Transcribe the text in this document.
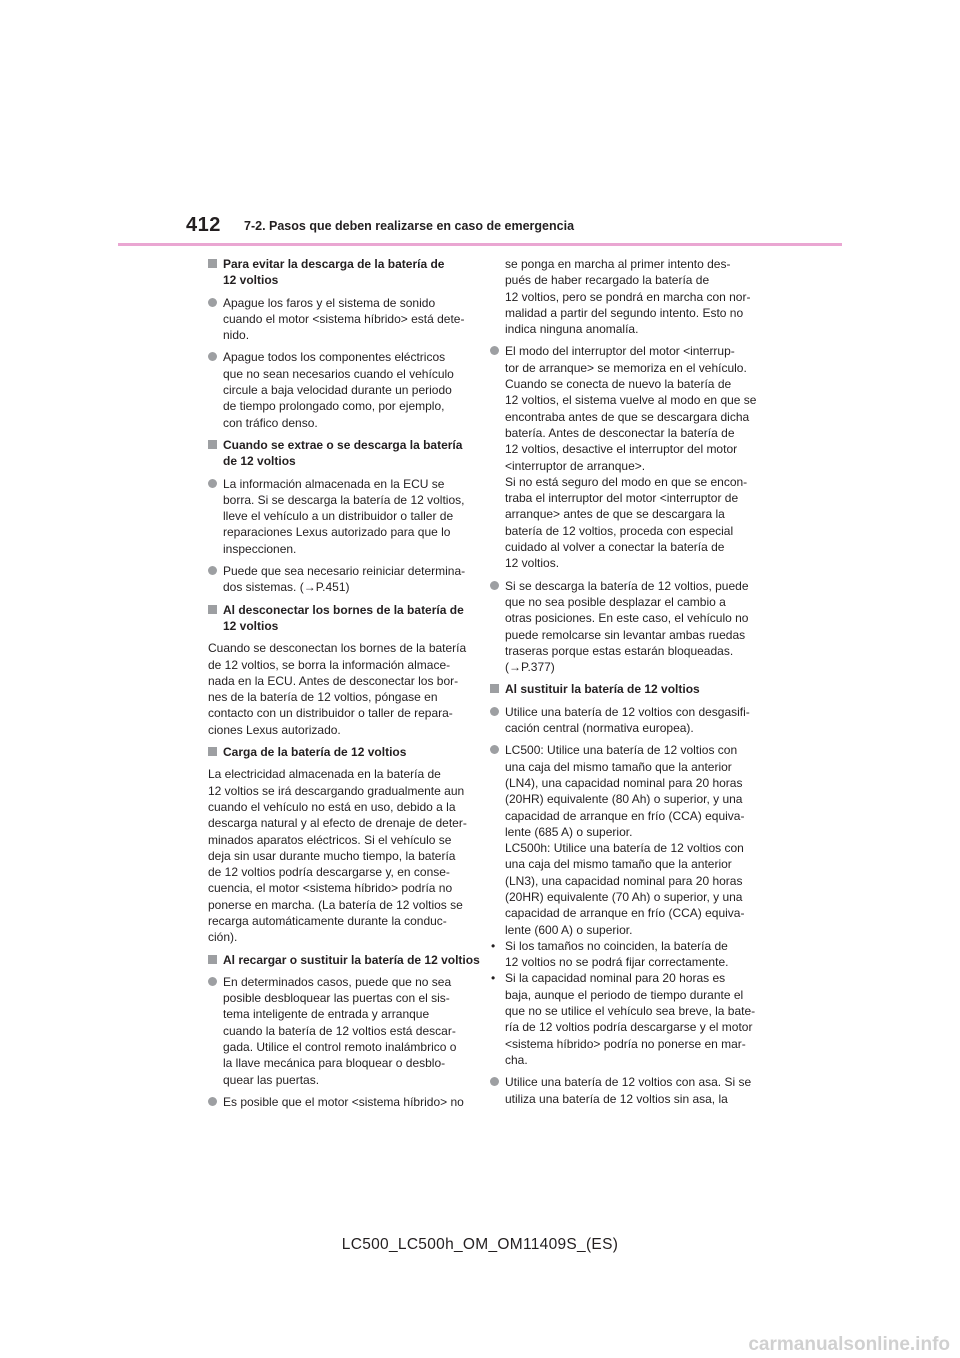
412 7-2. Pasos que deben realizarse en caso de emergencia
Para evitar la descarga de la batería de
12 voltios
Apague los faros y el sistema de sonido
cuando el motor <sistema híbrido> está dete-
nido.
Apague todos los componentes eléctricos
que no sean necesarios cuando el vehículo
circule a baja velocidad durante un periodo
de tiempo prolongado como, por ejemplo,
con tráfico denso.
Cuando se extrae o se descarga la batería
de 12 voltios
La información almacenada en la ECU se
borra. Si se descarga la batería de 12 voltios,
lleve el vehículo a un distribuidor o taller de
reparaciones Lexus autorizado para que lo
inspeccionen.
Puede que sea necesario reiniciar determina-
dos sistemas. (→P.451)
Al desconectar los bornes de la batería de
12 voltios
Cuando se desconectan los bornes de la batería
de 12 voltios, se borra la información almace-
nada en la ECU. Antes de desconectar los bor-
nes de la batería de 12 voltios, póngase en
contacto con un distribuidor o taller de repara-
ciones Lexus autorizado.
Carga de la batería de 12 voltios
La electricidad almacenada en la batería de
12 voltios se irá descargando gradualmente aun
cuando el vehículo no está en uso, debido a la
descarga natural y al efecto de drenaje de deter-
minados aparatos eléctricos. Si el vehículo se
deja sin usar durante mucho tiempo, la batería
de 12 voltios podría descargarse y, en conse-
cuencia, el motor <sistema híbrido> podría no
ponerse en marcha. (La batería de 12 voltios se
recarga automáticamente durante la conduc-
ción).
Al recargar o sustituir la batería de 12 voltios
En determinados casos, puede que no sea
posible desbloquear las puertas con el sis-
tema inteligente de entrada y arranque
cuando la batería de 12 voltios está descar-
gada. Utilice el control remoto inalámbrico o
la llave mecánica para bloquear o desblo-
quear las puertas.
Es posible que el motor <sistema híbrido> no
se ponga en marcha al primer intento des-
pués de haber recargado la batería de
12 voltios, pero se pondrá en marcha con nor-
malidad a partir del segundo intento. Esto no
indica ninguna anomalía.
El modo del interruptor del motor <interrup-
tor de arranque> se memoriza en el vehículo.
Cuando se conecta de nuevo la batería de
12 voltios, el sistema vuelve al modo en que se
encontraba antes de que se descargara dicha
batería. Antes de desconectar la batería de
12 voltios, desactive el interruptor del motor
<interruptor de arranque>.
Si no está seguro del modo en que se encon-
traba el interruptor del motor <interruptor de
arranque> antes de que se descargara la
batería de 12 voltios, proceda con especial
cuidado al volver a conectar la batería de
12 voltios.
Si se descarga la batería de 12 voltios, puede
que no sea posible desplazar el cambio a
otras posiciones. En este caso, el vehículo no
puede remolcarse sin levantar ambas ruedas
traseras porque estas estarán bloqueadas.
(→P.377)
Al sustituir la batería de 12 voltios
Utilice una batería de 12 voltios con desgasifi-
cación central (normativa europea).
LC500: Utilice una batería de 12 voltios con
una caja del mismo tamaño que la anterior
(LN4), una capacidad nominal para 20 horas
(20HR) equivalente (80 Ah) o superior, y una
capacidad de arranque en frío (CCA) equiva-
lente (685 A) o superior.
LC500h: Utilice una batería de 12 voltios con
una caja del mismo tamaño que la anterior
(LN3), una capacidad nominal para 20 horas
(20HR) equivalente (70 Ah) o superior, y una
capacidad de arranque en frío (CCA) equiva-
lente (600 A) o superior.
• Si los tamaños no coinciden, la batería de
12 voltios no se podrá fijar correctamente.
• Si la capacidad nominal para 20 horas es
baja, aunque el periodo de tiempo durante el
que no se utilice el vehículo sea breve, la bate-
ría de 12 voltios podría descargarse y el motor
<sistema híbrido> podría no ponerse en mar-
cha.
Utilice una batería de 12 voltios con asa. Si se
utiliza una batería de 12 voltios sin asa, la
LC500_LC500h_OM_OM11409S_(ES)
carmanualsonline.info
